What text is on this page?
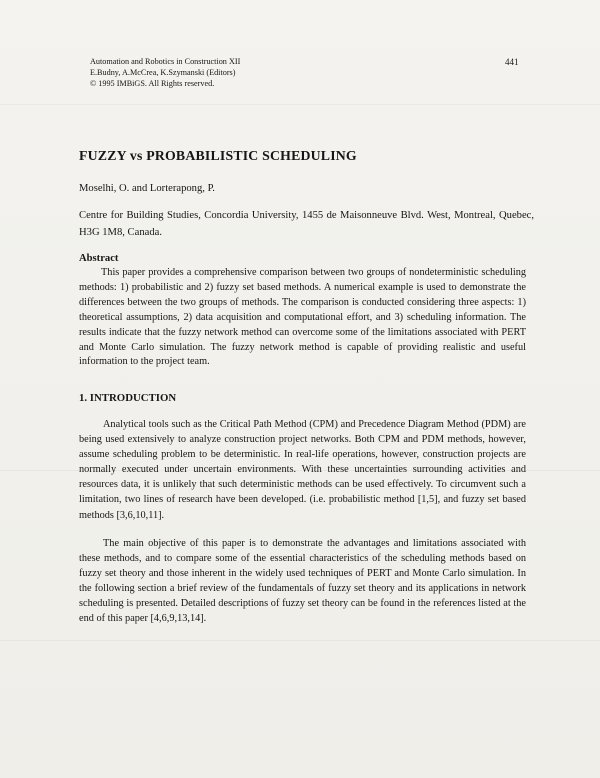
Automation and Robotics in Construction XII
E.Budny, A.McCrea, K.Szymanski (Editors)
© 1995 IMBiGS. All Rights reserved.
441
FUZZY vs PROBABILISTIC SCHEDULING
Moselhi, O. and Lorterapong, P.
Centre for Building Studies, Concordia University, 1455 de Maisonneuve Blvd. West, Montreal, Quebec, H3G 1M8, Canada.
Abstract

This paper provides a comprehensive comparison between two groups of nondeterministic scheduling methods: 1) probabilistic and 2) fuzzy set based methods. A numerical example is used to demonstrate the differences between the two groups of methods. The comparison is conducted considering three aspects: 1) theoretical assumptions, 2) data acquisition and computational effort, and 3) scheduling information. The results indicate that the fuzzy network method can overcome some of the limitations associated with PERT and Monte Carlo simulation. The fuzzy network method is capable of providing realistic and useful information to the project team.

1. INTRODUCTION

Analytical tools such as the Critical Path Method (CPM) and Precedence Diagram Method (PDM) are being used extensively to analyze construction project networks. Both CPM and PDM methods, however, assume scheduling problem to be deterministic. In real-life operations, however, construction projects are normally executed under uncertain environments. With these uncertainties surrounding activities and resources data, it is unlikely that such deterministic methods can be used effectively. To circumvent such a limitation, two lines of research have been developed. (i.e. probabilistic method [1,5], and fuzzy set based methods [3,6,10,11].

The main objective of this paper is to demonstrate the advantages and limitations associated with these methods, and to compare some of the essential characteristics of the scheduling methods based on fuzzy set theory and those inherent in the widely used techniques of PERT and Monte Carlo simulation. In the following section a brief review of the fundamentals of fuzzy set theory and its applications in network scheduling is presented. Detailed descriptions of fuzzy set theory can be found in the references listed at the end of this paper [4,6,9,13,14].
